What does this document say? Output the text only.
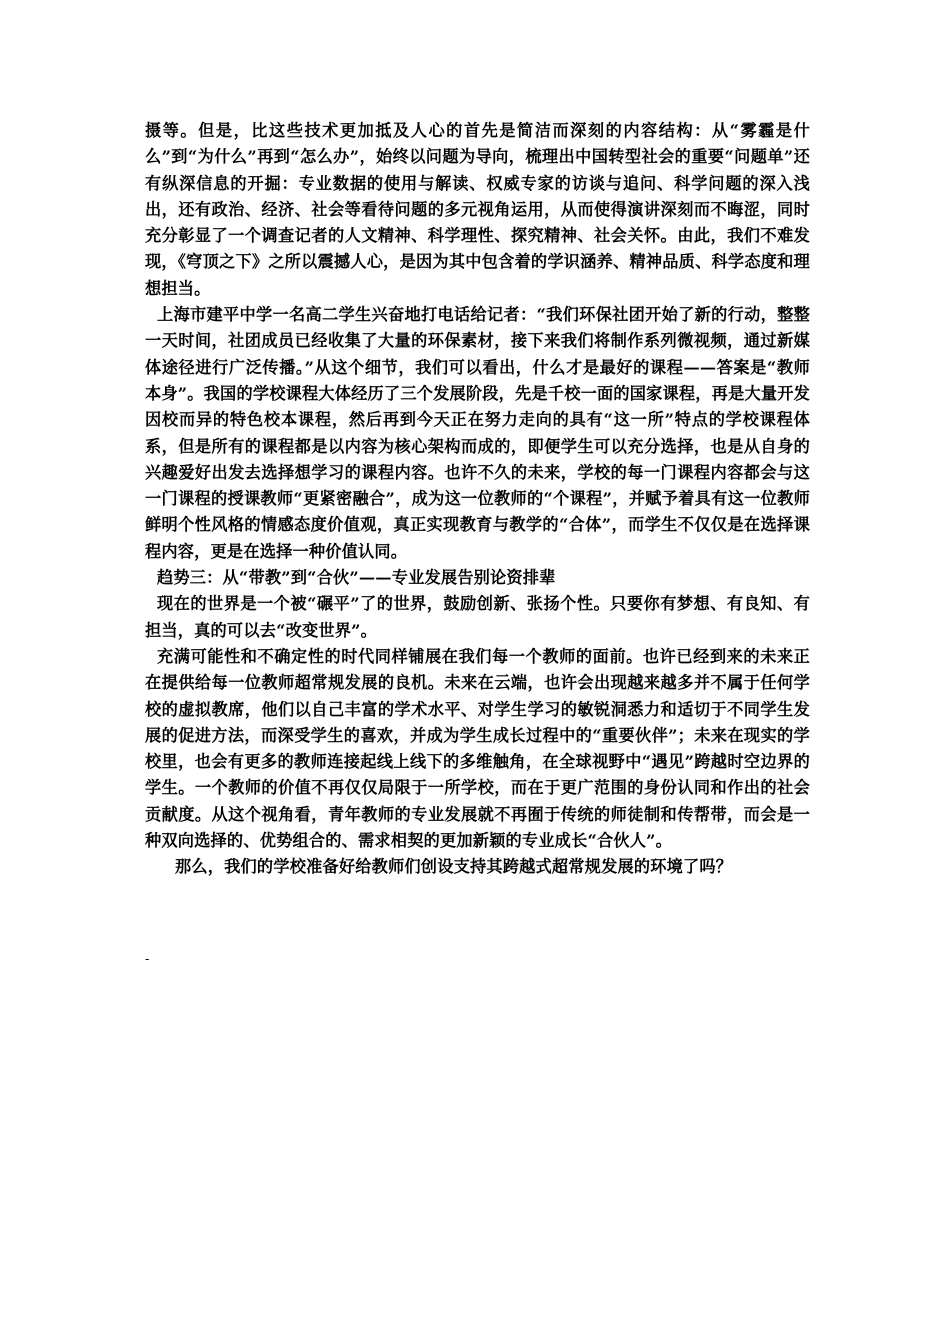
摄等。但是，比这些技术更加抵及人心的首先是简洁而深刻的内容结构：从“雾霾是什么”到“为什么”再到“怎么办”，始终以问题为导向，梳理出中国转型社会的重要“问题单”还有纵深信息的开掘：专业数据的使用与解读、权威专家的访谈与追问、科学问题的深入浅出，还有政治、经济、社会等看待问题的多元视角运用，从而使得演讲深刻而不晦涩，同时充分彰显了一个调查记者的人文精神、科学理性、探究精神、社会关怀。由此，我们不难发现，《穹顶之下》之所以震撼人心，是因为其中包含着的学识涵养、精神品质、科学态度和理想担当。

上海市建平中学一名高二学生兴奋地打电话给记者：“我们环保社团开始了新的行动，整整一天时间，社团成员已经收集了大量的环保素材，接下来我们将制作系列微视频，通过新媒体途径进行广泛传播。”从这个细节，我们可以看出，什么才是最好的课程——答案是“教师本身”。我国的学校课程大体经历了三个发展阶段，先是千校一面的国家课程，再是大量开发因校而异的特色校本课程，然后再到今天正在努力走向的具有“这一所”特点的学校课程体系，但是所有的课程都是以内容为核心架构而成的，即便学生可以充分选择，也是从自身的兴趣爱好出发去选择想学习的课程内容。也许不久的未来，学校的每一门课程内容都会与这一门课程的授课教师“更紧密融合”，成为这一位教师的“个课程”，并赋予着具有这一位教师鲜明个性风格的情感态度价值观，真正实现教育与教学的“合体”，而学生不仅仅是在选择课程内容，更是在选择一种价值认同。

趋势三：从“带教”到“合伙”——专业发展告别论资排辈

现在的世界是一个被“碾平”了的世界，鼓励创新、张扬个性。只要你有梦想、有良知、有担当，真的可以去“改变世界”。

充满可能性和不确定性的时代同样铺展在我们每一个教师的面前。也许已经到来的未来正在提供给每一位教师超常规发展的良机。未来在云端，也许会出现越来越多并不属于任何学校的虚拟教席，他们以自己丰富的学术水平、对学生学习的敏锐洞悉力和适切于不同学生发展的促进方法，而深受学生的喜欢，并成为学生成长过程中的“重要伙伴”；未来在现实的学校里，也会有更多的教师连接起线上线下的多维触角，在全球视野中“遇见”跨越时空边界的学生。一个教师的价值不再仅仅局限于一所学校，而在于更广范围的身份认同和作出的社会贡献度。从这个视角看，青年教师的专业发展就不再囿于传统的师徒制和传帮带，而会是一种双向选择的、优势组合的、需求相契的更加新颖的专业成长“合伙人”。

那么，我们的学校准备好给教师们创设支持其跨越式超常规发展的环境了吗？

-
